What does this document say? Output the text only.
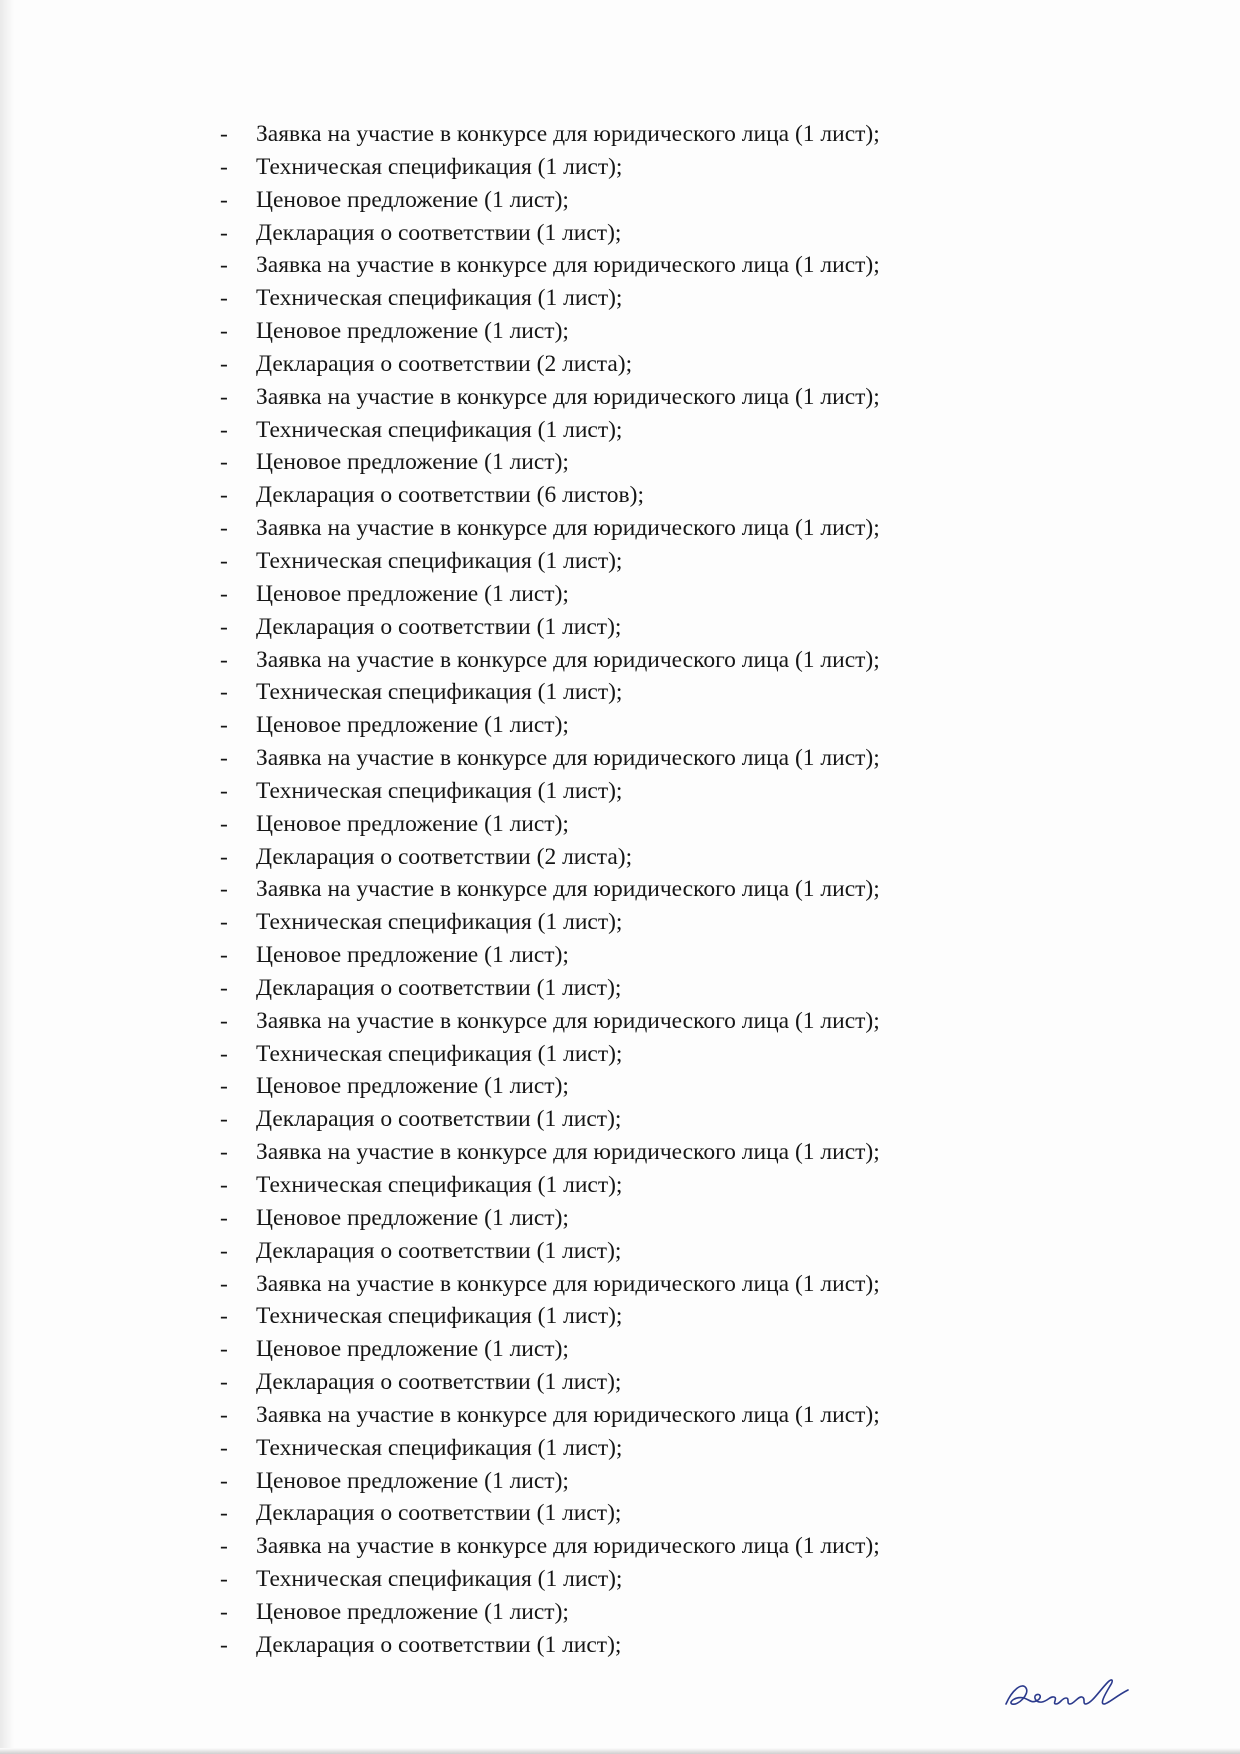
- Заявка на участие в конкурсе для юридического лица (1 лист);
- Техническая спецификация (1 лист);
- Ценовое предложение (1 лист);
- Декларация о соответствии (1 лист);
- Заявка на участие в конкурсе для юридического лица (1 лист);
- Техническая спецификация (1 лист);
- Ценовое предложение (1 лист);
- Декларация о соответствии (2 листа);
- Заявка на участие в конкурсе для юридического лица (1 лист);
- Техническая спецификация (1 лист);
- Ценовое предложение (1 лист);
- Декларация о соответствии (6 листов);
- Заявка на участие в конкурсе для юридического лица (1 лист);
- Техническая спецификация (1 лист);
- Ценовое предложение (1 лист);
- Декларация о соответствии (1 лист);
- Заявка на участие в конкурсе для юридического лица (1 лист);
- Техническая спецификация (1 лист);
- Ценовое предложение (1 лист);
- Заявка на участие в конкурсе для юридического лица (1 лист);
- Техническая спецификация (1 лист);
- Ценовое предложение (1 лист);
- Декларация о соответствии (2 листа);
- Заявка на участие в конкурсе для юридического лица (1 лист);
- Техническая спецификация (1 лист);
- Ценовое предложение (1 лист);
- Декларация о соответствии (1 лист);
- Заявка на участие в конкурсе для юридического лица (1 лист);
- Техническая спецификация (1 лист);
- Ценовое предложение (1 лист);
- Декларация о соответствии (1 лист);
- Заявка на участие в конкурсе для юридического лица (1 лист);
- Техническая спецификация (1 лист);
- Ценовое предложение (1 лист);
- Декларация о соответствии (1 лист);
- Заявка на участие в конкурсе для юридического лица (1 лист);
- Техническая спецификация (1 лист);
- Ценовое предложение (1 лист);
- Декларация о соответствии (1 лист);
- Заявка на участие в конкурсе для юридического лица (1 лист);
- Техническая спецификация (1 лист);
- Ценовое предложение (1 лист);
- Декларация о соответствии (1 лист);
- Заявка на участие в конкурсе для юридического лица (1 лист);
- Техническая спецификация (1 лист);
- Ценовое предложение (1 лист);
- Декларация о соответствии (1 лист);
